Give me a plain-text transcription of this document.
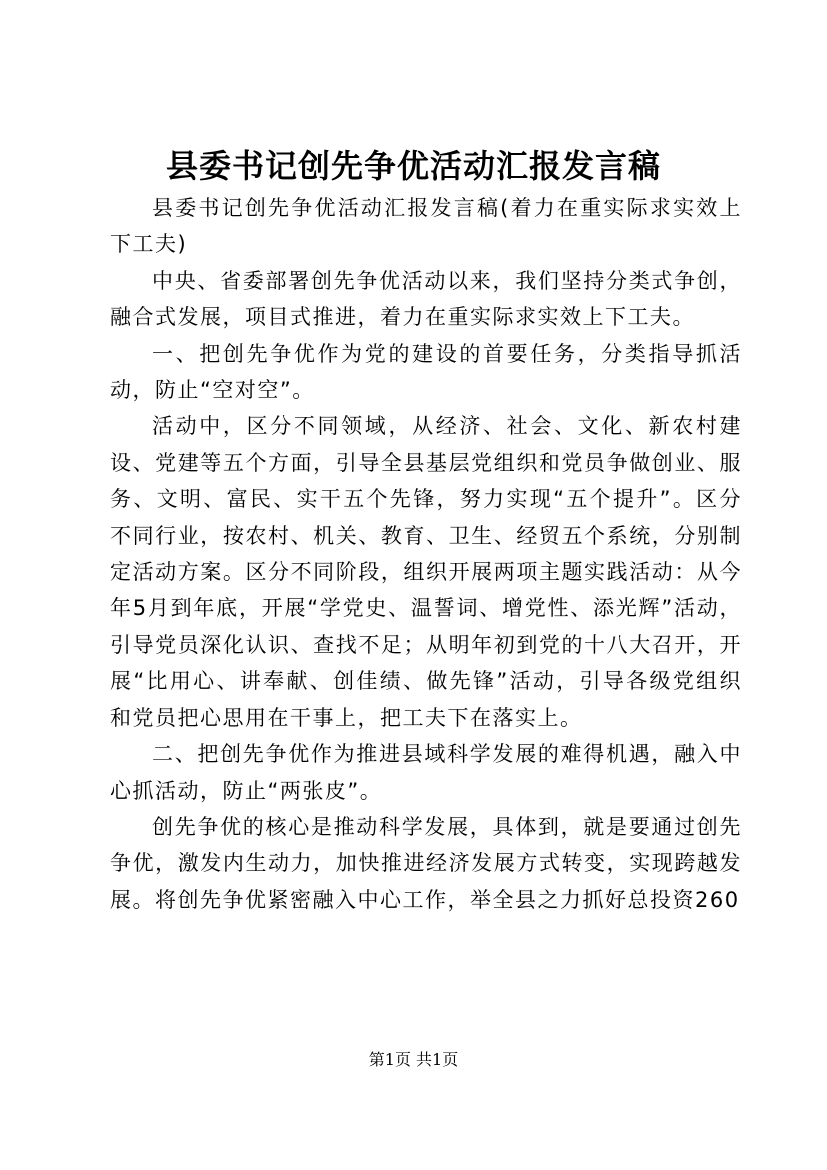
县委书记创先争优活动汇报发言稿

县委书记创先争优活动汇报发言稿(着力在重实际求实效上下工夫)

中央、省委部署创先争优活动以来，我们坚持分类式争创，融合式发展，项目式推进，着力在重实际求实效上下工夫。

一、把创先争优作为党的建设的首要任务，分类指导抓活动，防止“空对空”。

活动中，区分不同领域，从经济、社会、文化、新农村建设、党建等五个方面，引导全县基层党组织和党员争做创业、服务、文明、富民、实干五个先锋，努力实现“五个提升”。区分不同行业，按农村、机关、教育、卫生、经贸五个系统，分别制定活动方案。区分不同阶段，组织开展两项主题实践活动：从今年5月到年底，开展“学党史、温誓词、增党性、添光辉”活动，引导党员深化认识、查找不足；从明年初到党的十八大召开，开展“比用心、讲奉献、创佳绩、做先锋”活动，引导各级党组织和党员把心思用在干事上，把工夫下在落实上。

二、把创先争优作为推进县域科学发展的难得机遇，融入中心抓活动，防止“两张皮”。

创先争优的核心是推动科学发展，具体到，就是要通过创先争优，激发内生动力，加快推进经济发展方式转变，实现跨越发展。将创先争优紧密融入中心工作，举全县之力抓好总投资260

第1页 共1页
